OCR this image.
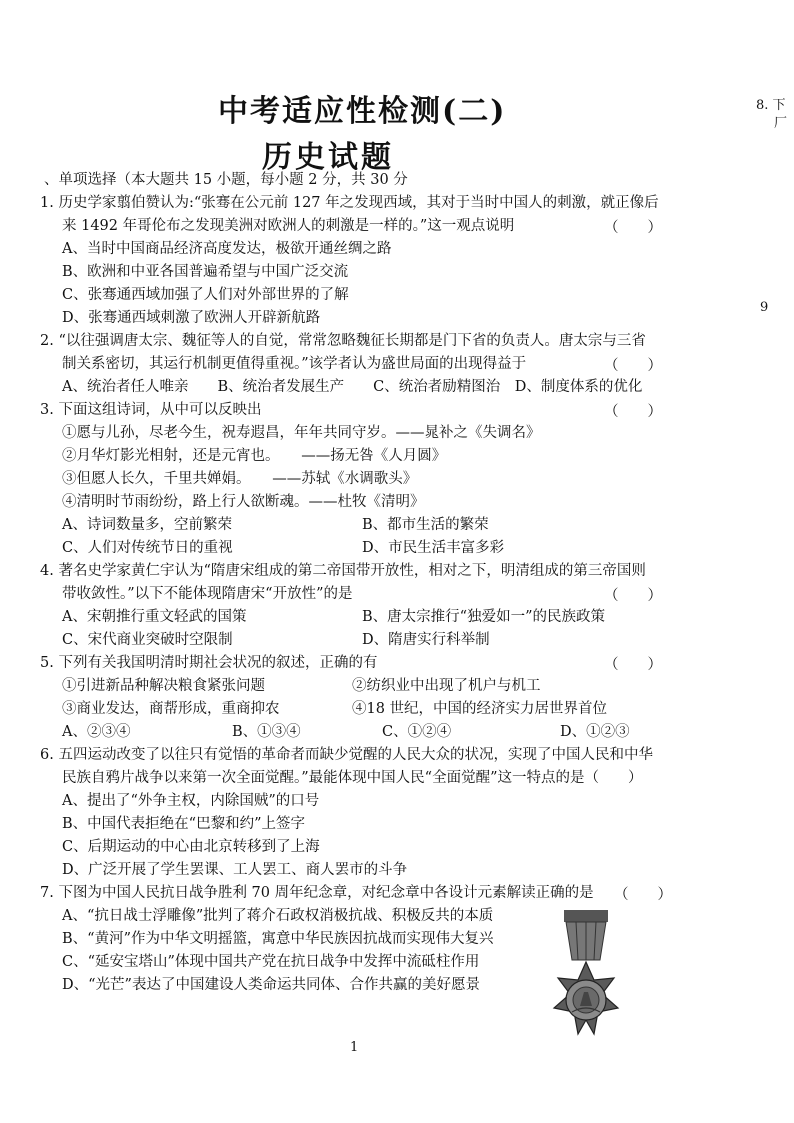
中考适应性检测(二)
历史试题
8. 下
厂
9
、单项选择（本大题共 15 小题，每小题 2 分，共 30 分
1. 历史学家翦伯赞认为:“张骞在公元前 127 年之发现西域，其对于当时中国人的刺激，就正像后
来 1492 年哥伦布之发现美洲对欧洲人的刺激是一样的。”这一观点说明	（　　）
A、当时中国商品经济高度发达，极欲开通丝绸之路
B、欧洲和中亚各国普遍希望与中国广泛交流
C、张骞通西域加强了人们对外部世界的了解
D、张骞通西域刺激了欧洲人开辟新航路
2. “以往强调唐太宗、魏征等人的自觉，常常忽略魏征长期都是门下省的负责人。唐太宗与三省
制关系密切，其运行机制更值得重视。”该学者认为盛世局面的出现得益于	（　　）
A、统治者任人唯亲　　B、统治者发展生产　　C、统治者励精图治　D、制度体系的优化
3. 下面这组诗词，从中可以反映出	（　　）
①愿与儿孙，尽老今生，祝寿遐昌，年年共同守岁。——晁补之《失调名》
②月华灯影光相射，还是元宵也。　　——扬无咎《人月圆》
③但愿人长久，千里共婵娟。　　——苏轼《水调歌头》
④清明时节雨纷纷，路上行人欲断魂。——杜牧《清明》
A、诗词数量多，空前繁荣	B、都市生活的繁荣
C、人们对传统节日的重视	D、市民生活丰富多彩
4. 著名史学家黄仁宇认为“隋唐宋组成的第二帝国带开放性，相对之下，明清组成的第三帝国则
带收敛性。”以下不能体现隋唐宋“开放性”的是	（　　）
A、宋朝推行重文轻武的国策	B、唐太宗推行“独爱如一”的民族政策
C、宋代商业突破时空限制	D、隋唐实行科举制
5. 下列有关我国明清时期社会状况的叙述，正确的有	（　　）
①引进新品种解决粮食紧张问题	②纺织业中出现了机户与机工
③商业发达，商帮形成，重商抑农	④18 世纪，中国的经济实力居世界首位
A、②③④	B、①③④	C、①②④	D、①②③
6. 五四运动改变了以往只有觉悟的革命者而缺少觉醒的人民大众的状况，实现了中国人民和中华
民族自鸦片战争以来第一次全面觉醒。”最能体现中国人民“全面觉醒”这一特点的是（　　）
A、提出了“外争主权，内除国贼”的口号
B、中国代表拒绝在“巴黎和约”上签字
C、后期运动的中心由北京转移到了上海
D、广泛开展了学生罢课、工人罢工、商人罢市的斗争
7. 下图为中国人民抗日战争胜利 70 周年纪念章，对纪念章中各设计元素解读正确的是 （　　）
A、“抗日战士浮雕像”批判了蒋介石政权消极抗战、积极反共的本质
B、“黄河”作为中华文明摇篮，寓意中华民族因抗战而实现伟大复兴
C、“延安宝塔山”体现中国共产党在抗日战争中发挥中流砥柱作用
D、“光芒”表达了中国建设人类命运共同体、合作共赢的美好愿景
1
